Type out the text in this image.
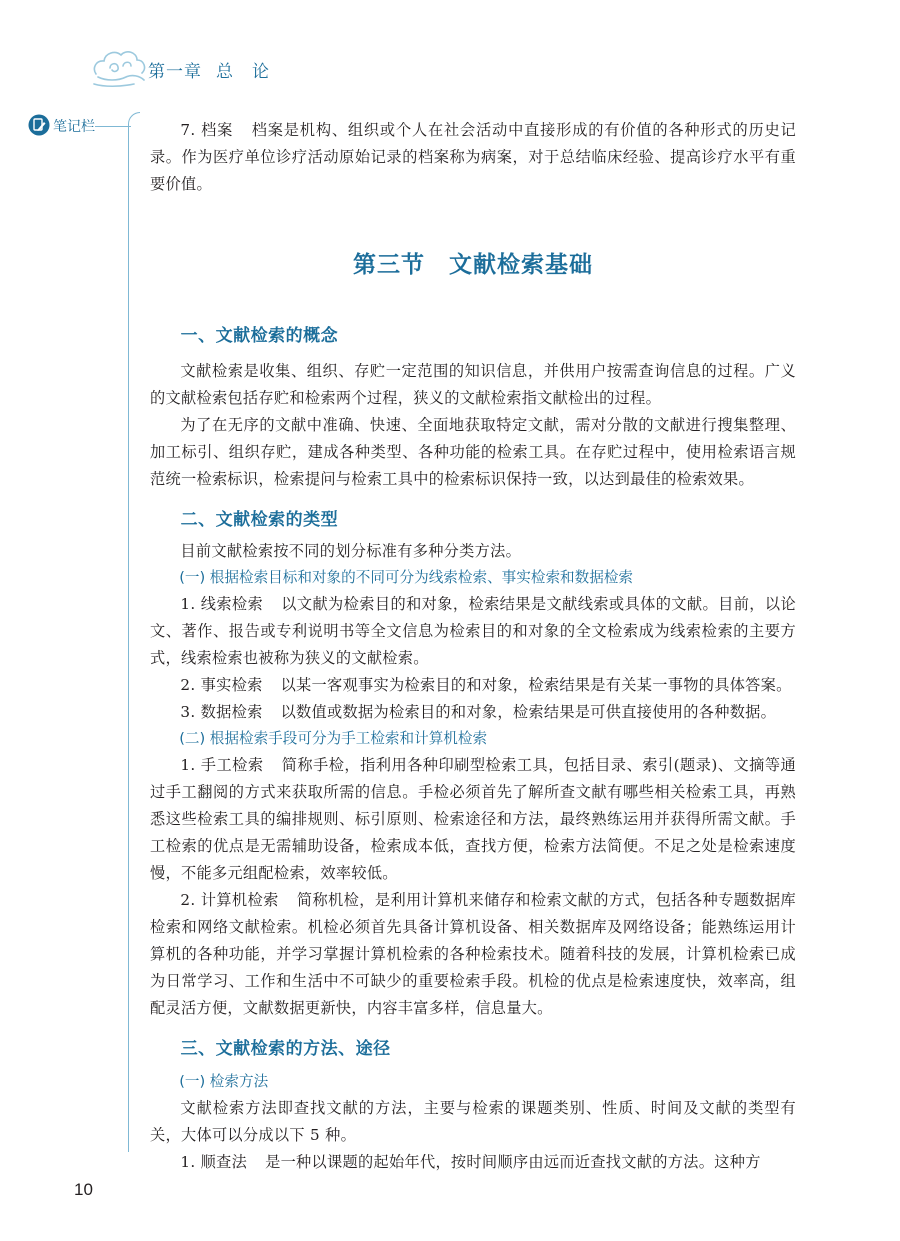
第一章 总　论
笔记栏	7. 档案 档案是机构、组织或个人在社会活动中直接形成的有价值的各种形式的历史记录。作为医疗单位诊疗活动原始记录的档案称为病案，对于总结临床经验、提高诊疗水平有重要价值。

第三节 文献检索基础
一、文献检索的概念

文献检索是收集、组织、存贮一定范围的知识信息，并供用户按需查询信息的过程。广义的文献检索包括存贮和检索两个过程，狭义的文献检索指文献检出的过程。

为了在无序的文献中准确、快速、全面地获取特定文献，需对分散的文献进行搜集整理、加工标引、组织存贮，建成各种类型、各种功能的检索工具。在存贮过程中，使用检索语言规范统一检索标识，检索提问与检索工具中的检索标识保持一致，以达到最佳的检索效果。

二、文献检索的类型

目前文献检索按不同的划分标准有多种分类方法。

(一) 根据检索目标和对象的不同可分为线索检索、事实检索和数据检索

1. 线索检索 以文献为检索目的和对象，检索结果是文献线索或具体的文献。目前，以论文、著作、报告或专利说明书等全文信息为检索目的和对象的全文检索成为线索检索的主要方式，线索检索也被称为狭义的文献检索。

2. 事实检索 以某一客观事实为检索目的和对象，检索结果是有关某一事物的具体答案。

3. 数据检索 以数值或数据为检索目的和对象，检索结果是可供直接使用的各种数据。

(二) 根据检索手段可分为手工检索和计算机检索

1. 手工检索 简称手检，指利用各种印刷型检索工具，包括目录、索引(题录)、文摘等通过手工翻阅的方式来获取所需的信息。手检必须首先了解所查文献有哪些相关检索工具，再熟悉这些检索工具的编排规则、标引原则、检索途径和方法，最终熟练运用并获得所需文献。手工检索的优点是无需辅助设备，检索成本低，查找方便，检索方法简便。不足之处是检索速度慢，不能多元组配检索，效率较低。

2. 计算机检索 简称机检，是利用计算机来储存和检索文献的方式，包括各种专题数据库检索和网络文献检索。机检必须首先具备计算机设备、相关数据库及网络设备；能熟练运用计算机的各种功能，并学习掌握计算机检索的各种检索技术。随着科技的发展，计算机检索已成为日常学习、工作和生活中不可缺少的重要检索手段。机检的优点是检索速度快，效率高，组配灵活方便，文献数据更新快，内容丰富多样，信息量大。

三、文献检索的方法、途径
(一) 检索方法

文献检索方法即查找文献的方法，主要与检索的课题类别、性质、时间及文献的类型有关，大体可以分成以下 5 种。

1. 顺查法 是一种以课题的起始年代，按时间顺序由远而近查找文献的方法。这种方

10
